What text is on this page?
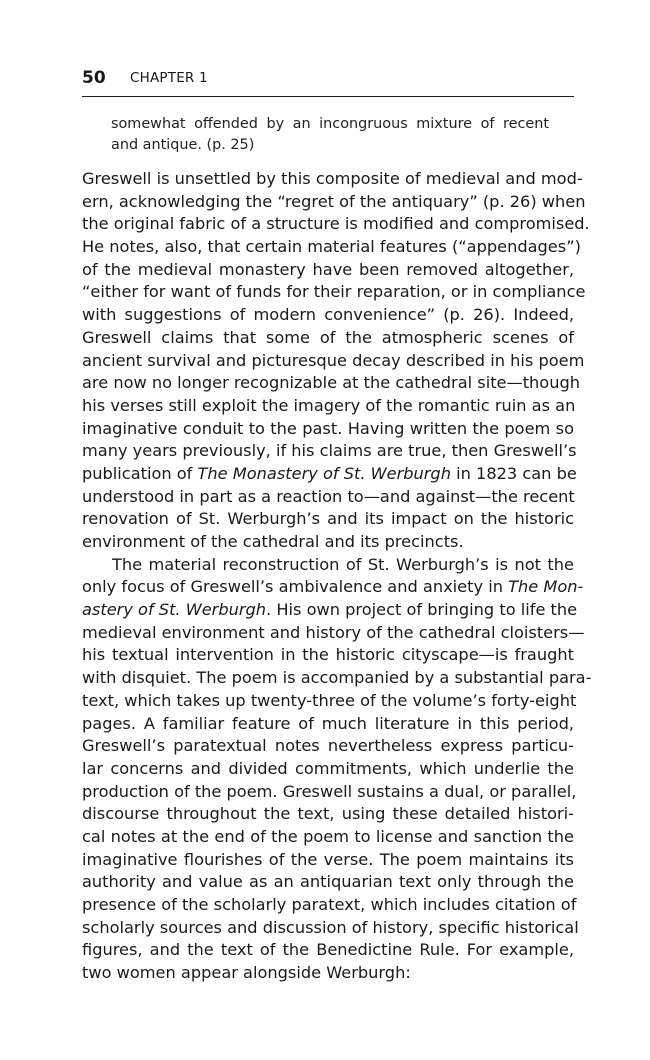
50 CHAPTER 1
somewhat offended by an incongruous mixture of recent
and antique. (p. 25)
Greswell is unsettled by this composite of medieval and mod-
ern, acknowledging the “regret of the antiquary” (p. 26) when
the original fabric of a structure is modified and compromised.
He notes, also, that certain material features (“appendages”)
of the medieval monastery have been removed altogether,
“either for want of funds for their reparation, or in compliance
with suggestions of modern convenience” (p. 26). Indeed,
Greswell claims that some of the atmospheric scenes of
ancient survival and picturesque decay described in his poem
are now no longer recognizable at the cathedral site—though
his verses still exploit the imagery of the romantic ruin as an
imaginative conduit to the past. Having written the poem so
many years previously, if his claims are true, then Greswell’s
publication of The Monastery of St. Werburgh in 1823 can be
understood in part as a reaction to—and against—the recent
renovation of St. Werburgh’s and its impact on the historic
environment of the cathedral and its precincts.
The material reconstruction of St. Werburgh’s is not the
only focus of Greswell’s ambivalence and anxiety in The Mon-
astery of St. Werburgh. His own project of bringing to life the
medieval environment and history of the cathedral cloisters—
his textual intervention in the historic cityscape—is fraught
with disquiet. The poem is accompanied by a substantial para-
text, which takes up twenty-three of the volume’s forty-eight
pages. A familiar feature of much literature in this period,
Greswell’s paratextual notes nevertheless express particu-
lar concerns and divided commitments, which underlie the
production of the poem. Greswell sustains a dual, or parallel,
discourse throughout the text, using these detailed histori-
cal notes at the end of the poem to license and sanction the
imaginative flourishes of the verse. The poem maintains its
authority and value as an antiquarian text only through the
presence of the scholarly paratext, which includes citation of
scholarly sources and discussion of history, specific historical
figures, and the text of the Benedictine Rule. For example,
two women appear alongside Werburgh:
